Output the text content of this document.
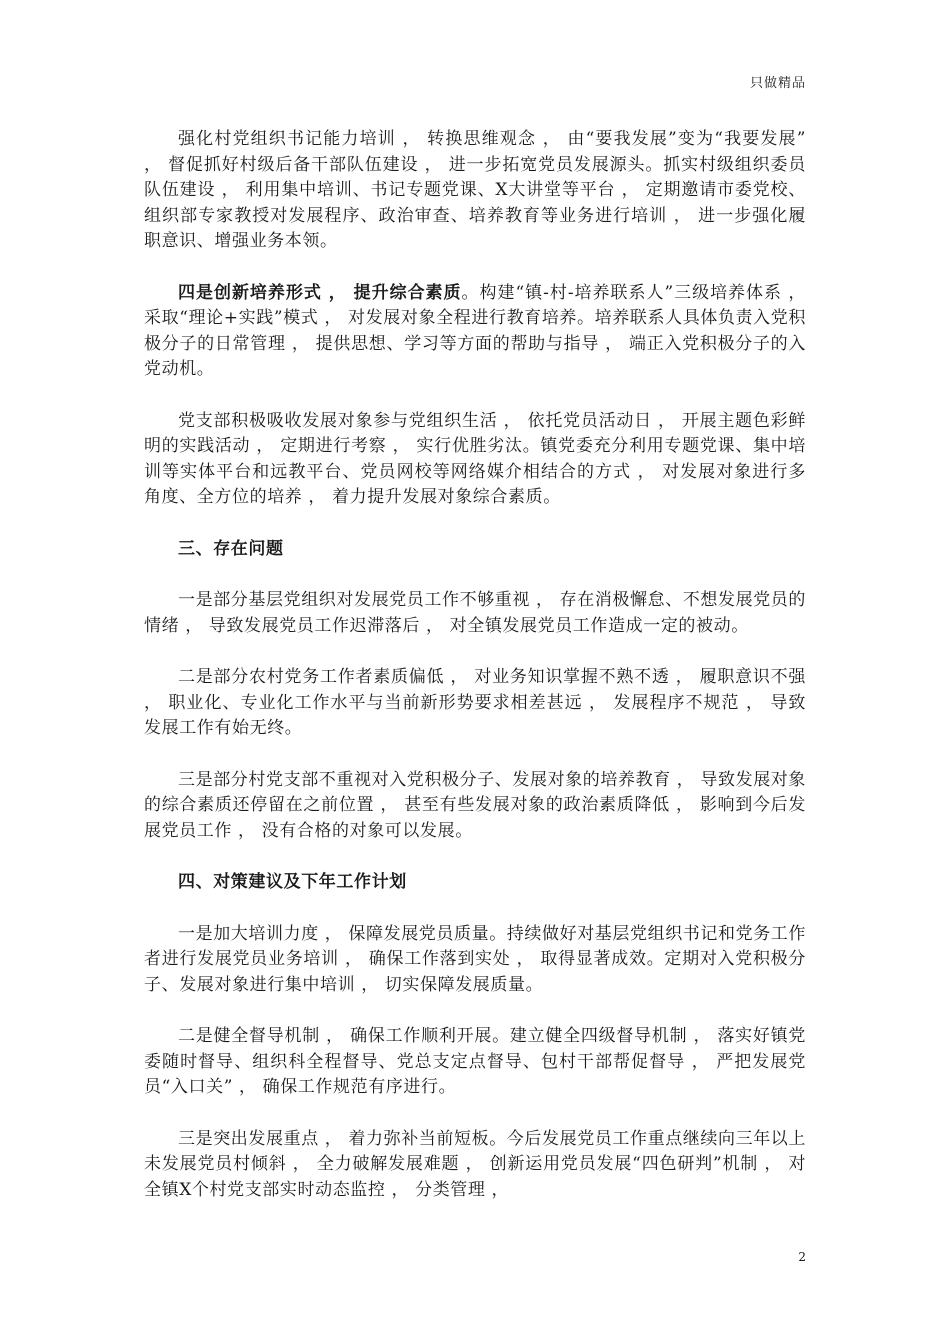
只做精品

强化村党组织书记能力培训 ， 转换思维观念 ， 由“要我发展”变为“我要发展” ， 督促抓好村级后备干部队伍建设 ， 进一步拓宽党员发展源头。抓实村级组织委员队伍建设 ， 利用集中培训、书记专题党课、X大讲堂等平台 ， 定期邀请市委党校、组织部专家教授对发展程序、政治审查、培养教育等业务进行培训 ， 进一步强化履职意识、增强业务本领。

四是创新培养形式 ， 提升综合素质。构建“镇-村-培养联系人”三级培养体系 ， 采取“理论+实践”模式 ， 对发展对象全程进行教育培养。培养联系人具体负责入党积极分子的日常管理 ， 提供思想、学习等方面的帮助与指导 ， 端正入党积极分子的入党动机。

党支部积极吸收发展对象参与党组织生活 ， 依托党员活动日 ， 开展主题色彩鲜明的实践活动 ， 定期进行考察 ， 实行优胜劣汰。镇党委充分利用专题党课、集中培训等实体平台和远教平台、党员网校等网络媒介相结合的方式 ， 对发展对象进行多角度、全方位的培养 ， 着力提升发展对象综合素质。

三、存在问题

一是部分基层党组织对发展党员工作不够重视 ， 存在消极懈怠、不想发展党员的情绪 ， 导致发展党员工作迟滞落后 ， 对全镇发展党员工作造成一定的被动。

二是部分农村党务工作者素质偏低 ， 对业务知识掌握不熟不透 ， 履职意识不强 ， 职业化、专业化工作水平与当前新形势要求相差甚远 ， 发展程序不规范 ， 导致发展工作有始无终。

三是部分村党支部不重视对入党积极分子、发展对象的培养教育 ， 导致发展对象的综合素质还停留在之前位置 ， 甚至有些发展对象的政治素质降低 ， 影响到今后发展党员工作 ， 没有合格的对象可以发展。

四、对策建议及下年工作计划

一是加大培训力度 ， 保障发展党员质量。持续做好对基层党组织书记和党务工作者进行发展党员业务培训 ， 确保工作落到实处 ， 取得显著成效。定期对入党积极分子、发展对象进行集中培训 ， 切实保障发展质量。

二是健全督导机制 ， 确保工作顺利开展。建立健全四级督导机制 ， 落实好镇党委随时督导、组织科全程督导、党总支定点督导、包村干部帮促督导 ， 严把发展党员“入口关” ， 确保工作规范有序进行。

三是突出发展重点 ， 着力弥补当前短板。今后发展党员工作重点继续向三年以上未发展党员村倾斜 ， 全力破解发展难题 ， 创新运用党员发展“四色研判”机制 ， 对全镇X个村党支部实时动态监控 ， 分类管理 ，

2
